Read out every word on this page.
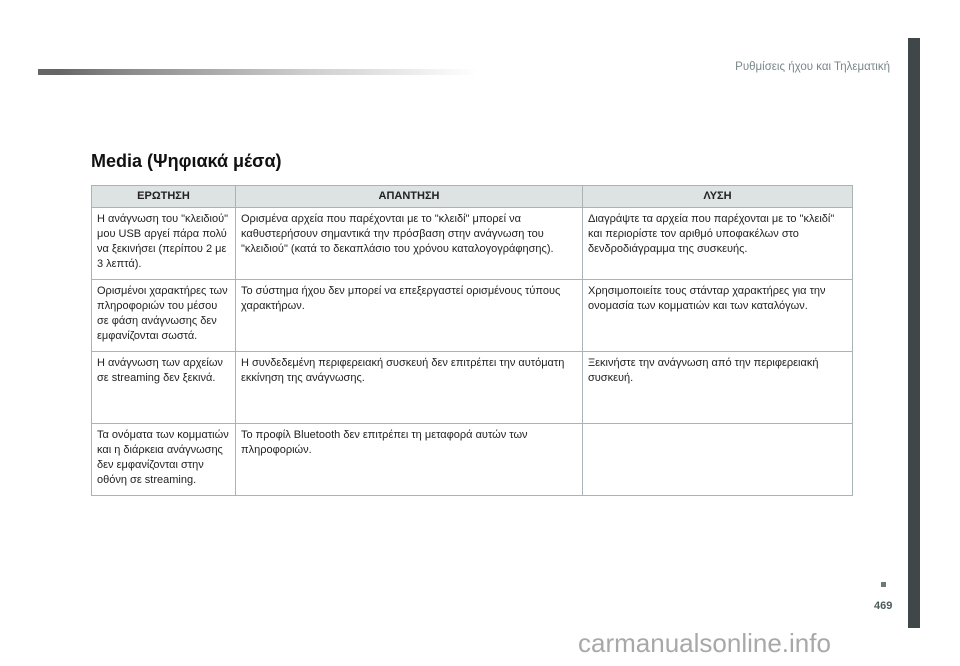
Ρυθμίσεις ήχου και Τηλεματική
469
Media (Ψηφιακά μέσα)
ΕΡΩΤΗΣΗ	ΑΠΑΝΤΗΣΗ	ΛΥΣΗ
Η ανάγνωση του "κλειδιού" μου USB αργεί πάρα πολύ να ξεκινήσει (περίπου 2 με 3 λεπτά).	Ορισμένα αρχεία που παρέχονται με το "κλειδί" μπορεί να καθυστερήσουν σημαντικά την πρόσβαση στην ανάγνωση του "κλειδιού" (κατά το δεκαπλάσιο του χρόνου καταλογογράφησης).	Διαγράψτε τα αρχεία που παρέχονται με το "κλειδί" και περιορίστε τον αριθμό υποφακέλων στο δενδροδιάγραμμα της συσκευής.
Ορισμένοι χαρακτήρες των πληροφοριών του μέσου σε φάση ανάγνωσης δεν εμφανίζονται σωστά.	Το σύστημα ήχου δεν μπορεί να επεξεργαστεί ορισμένους τύπους χαρακτήρων.	Χρησιμοποιείτε τους στάνταρ χαρακτήρες για την ονομασία των κομματιών και των καταλόγων.
Η ανάγνωση των αρχείων σε streaming δεν ξεκινά.	Η συνδεδεμένη περιφερειακή συσκευή δεν επιτρέπει την αυτόματη εκκίνηση της ανάγνωσης.	Ξεκινήστε την ανάγνωση από την περιφερειακή συσκευή.
Τα ονόματα των κομματιών και η διάρκεια ανάγνωσης δεν εμφανίζονται στην οθόνη σε streaming.	Το προφίλ Bluetooth δεν επιτρέπει τη μεταφορά αυτών των πληροφοριών.	
carmanualsonline.info
